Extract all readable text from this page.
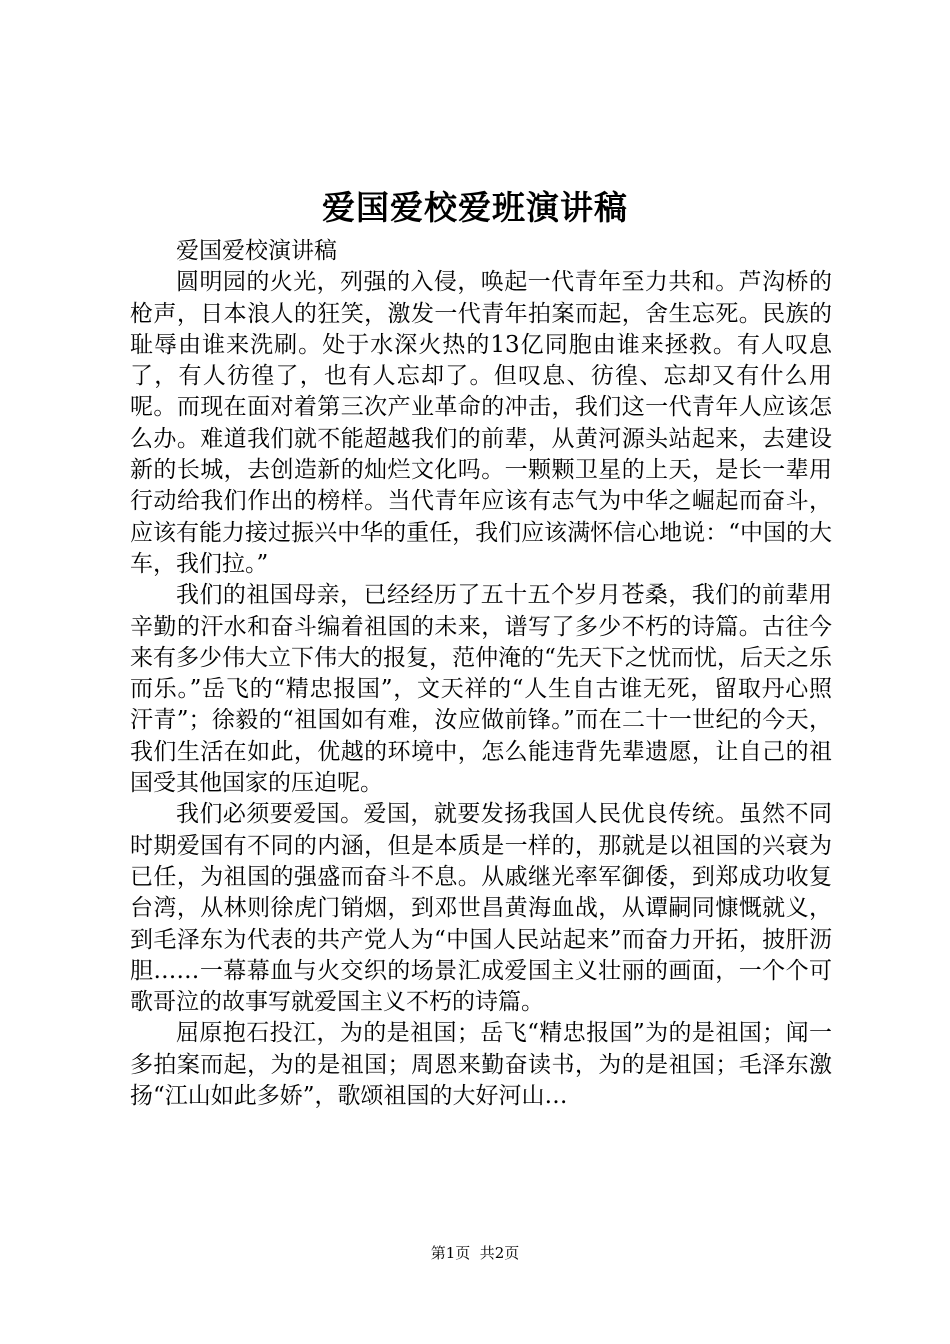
爱国爱校爱班演讲稿

爱国爱校演讲稿

圆明园的火光，列强的入侵，唤起一代青年至力共和。芦沟桥的枪声，日本浪人的狂笑，激发一代青年拍案而起，舍生忘死。民族的耻辱由谁来洗刷。处于水深火热的13亿同胞由谁来拯救。有人叹息了，有人彷徨了，也有人忘却了。但叹息、彷徨、忘却又有什么用呢。而现在面对着第三次产业革命的冲击，我们这一代青年人应该怎么办。难道我们就不能超越我们的前辈，从黄河源头站起来，去建设新的长城，去创造新的灿烂文化吗。一颗颗卫星的上天，是长一辈用行动给我们作出的榜样。当代青年应该有志气为中华之崛起而奋斗，应该有能力接过振兴中华的重任，我们应该满怀信心地说：“中国的大车，我们拉。”

我们的祖国母亲，已经经历了五十五个岁月苍桑，我们的前辈用辛勤的汗水和奋斗编着祖国的未来，谱写了多少不朽的诗篇。古往今来有多少伟大立下伟大的报复，范仲淹的“先天下之忧而忧，后天之乐而乐。”岳飞的“精忠报国”，文天祥的“人生自古谁无死，留取丹心照汗青”；徐毅的“祖国如有难，汝应做前锋。”而在二十一世纪的今天，我们生活在如此，优越的环境中，怎么能违背先辈遗愿，让自己的祖国受其他国家的压迫呢。

我们必须要爱国。爱国，就要发扬我国人民优良传统。虽然不同时期爱国有不同的内涵，但是本质是一样的，那就是以祖国的兴衰为已任，为祖国的强盛而奋斗不息。从戚继光率军御倭，到郑成功收复台湾，从林则徐虎门销烟，到邓世昌黄海血战，从谭嗣同慷慨就义，到毛泽东为代表的共产党人为“中国人民站起来”而奋力开拓，披肝沥胆……一幕幕血与火交织的场景汇成爱国主义壮丽的画面，一个个可歌哥泣的故事写就爱国主义不朽的诗篇。

屈原抱石投江，为的是祖国；岳飞“精忠报国”为的是祖国；闻一多拍案而起，为的是祖国；周恩来勤奋读书，为的是祖国；毛泽东激扬“江山如此多娇”，歌颂祖国的大好河山…

第1页  共2页
